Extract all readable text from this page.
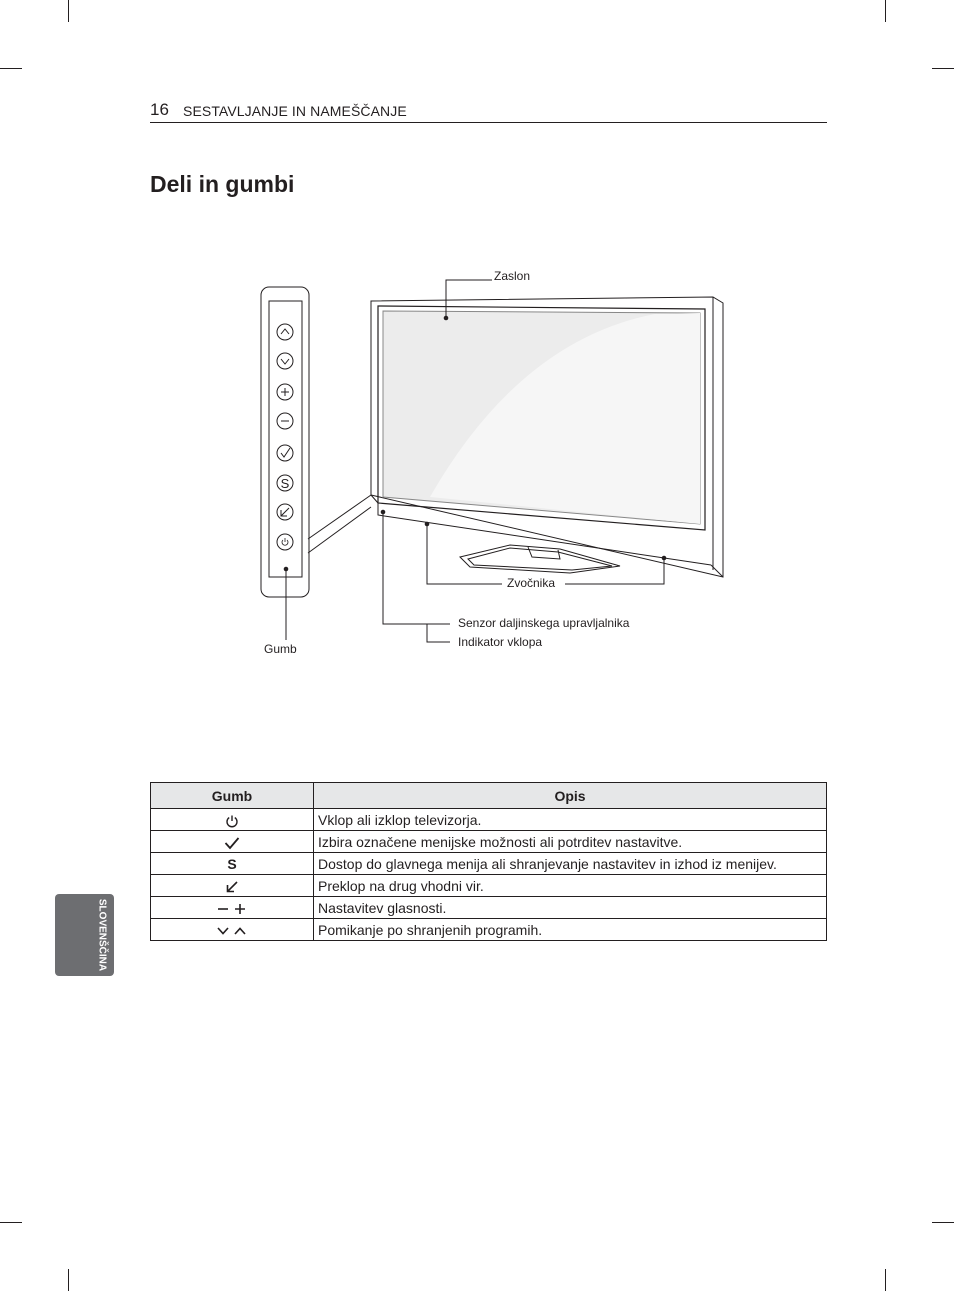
16 SESTAVLJANJE IN NAMEŠČANJE
Deli in gumbi
S
Zaslon
Zvočnika
Senzor daljinskega upravljalnika
Indikator vklopa
Gumb
Gumb	Opis
	Vklop ali izklop televizorja.
	Izbira označene menijske možnosti ali potrditev nastavitve.
S	Dostop do glavnega menija ali shranjevanje nastavitev in izhod iz menijev.
	Preklop na drug vhodni vir.
	Nastavitev glasnosti.
	Pomikanje po shranjenih programih.
SLOVENŠČINA
